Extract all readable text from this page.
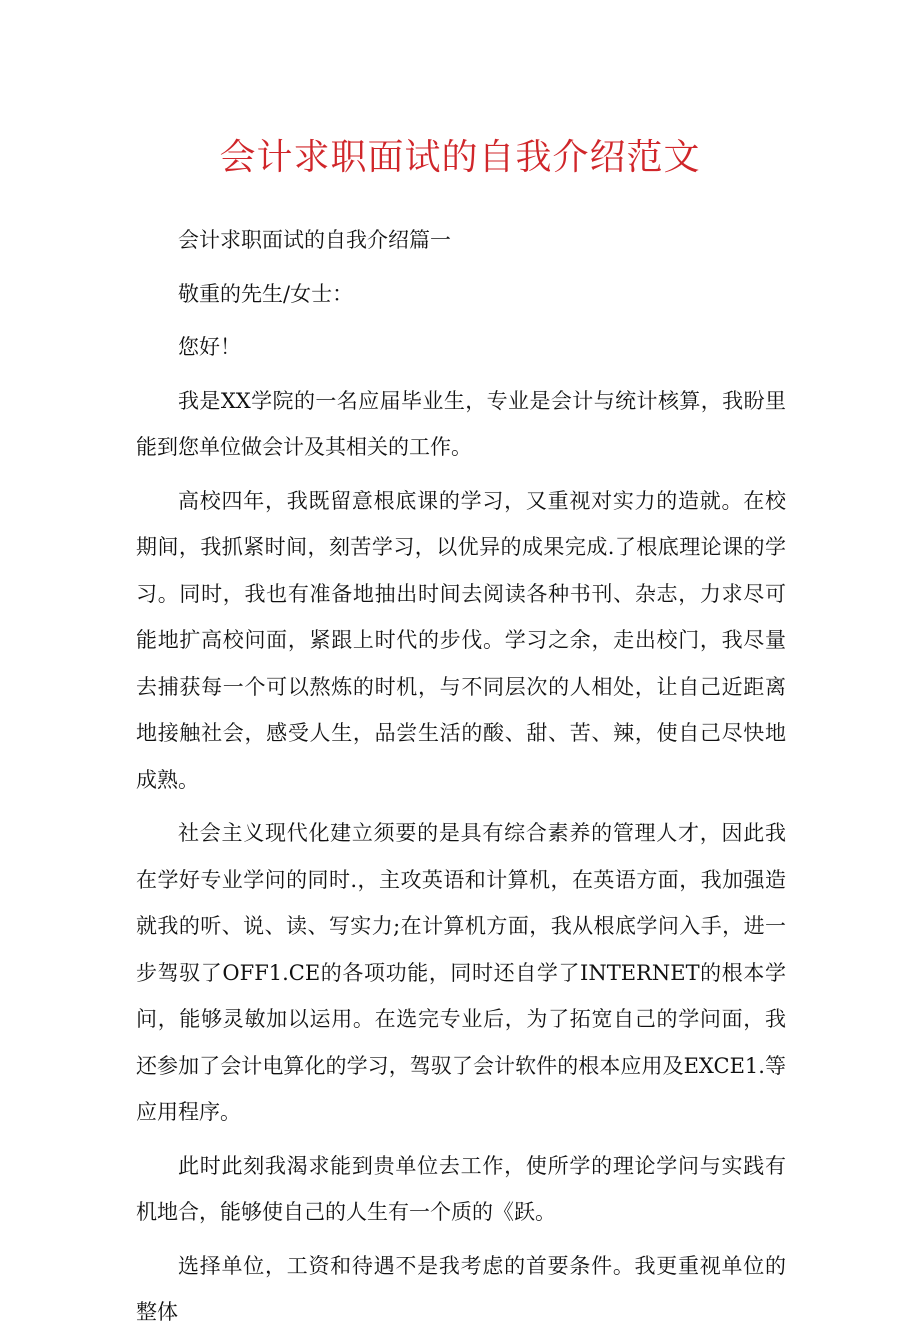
会计求职面试的自我介绍范文

会计求职面试的自我介绍篇一

敬重的先生/女士：

您好！

我是XX学院的一名应届毕业生，专业是会计与统计核算，我盼里能到您单位做会计及其相关的工作。

高校四年，我既留意根底课的学习，又重视对实力的造就。在校期间，我抓紧时间，刻苦学习，以优异的成果完成.了根底理论课的学习。同时，我也有准备地抽出时间去阅读各种书刊、杂志，力求尽可能地扩高校问面，紧跟上时代的步伐。学习之余，走出校门，我尽量去捕获每一个可以熬炼的时机，与不同层次的人相处，让自己近距离地接触社会，感受人生，品尝生活的酸、甜、苦、辣，使自己尽快地成熟。

社会主义现代化建立须要的是具有综合素养的管理人才，因此我在学好专业学问的同时.，主攻英语和计算机，在英语方面，我加强造就我的听、说、读、写实力;在计算机方面，我从根底学问入手，进一步驾驭了OFF1.CE的各项功能，同时还自学了INTERNET的根本学问，能够灵敏加以运用。在选完专业后，为了拓宽自己的学问面，我还参加了会计电算化的学习，驾驭了会计软件的根本应用及EXCE1.等应用程序。

此时此刻我渴求能到贵单位去工作，使所学的理论学问与实践有机地合，能够使自己的人生有一个质的《跃。

选择单位，工资和待遇不是我考虑的首要条件。我更重视单位的整体
